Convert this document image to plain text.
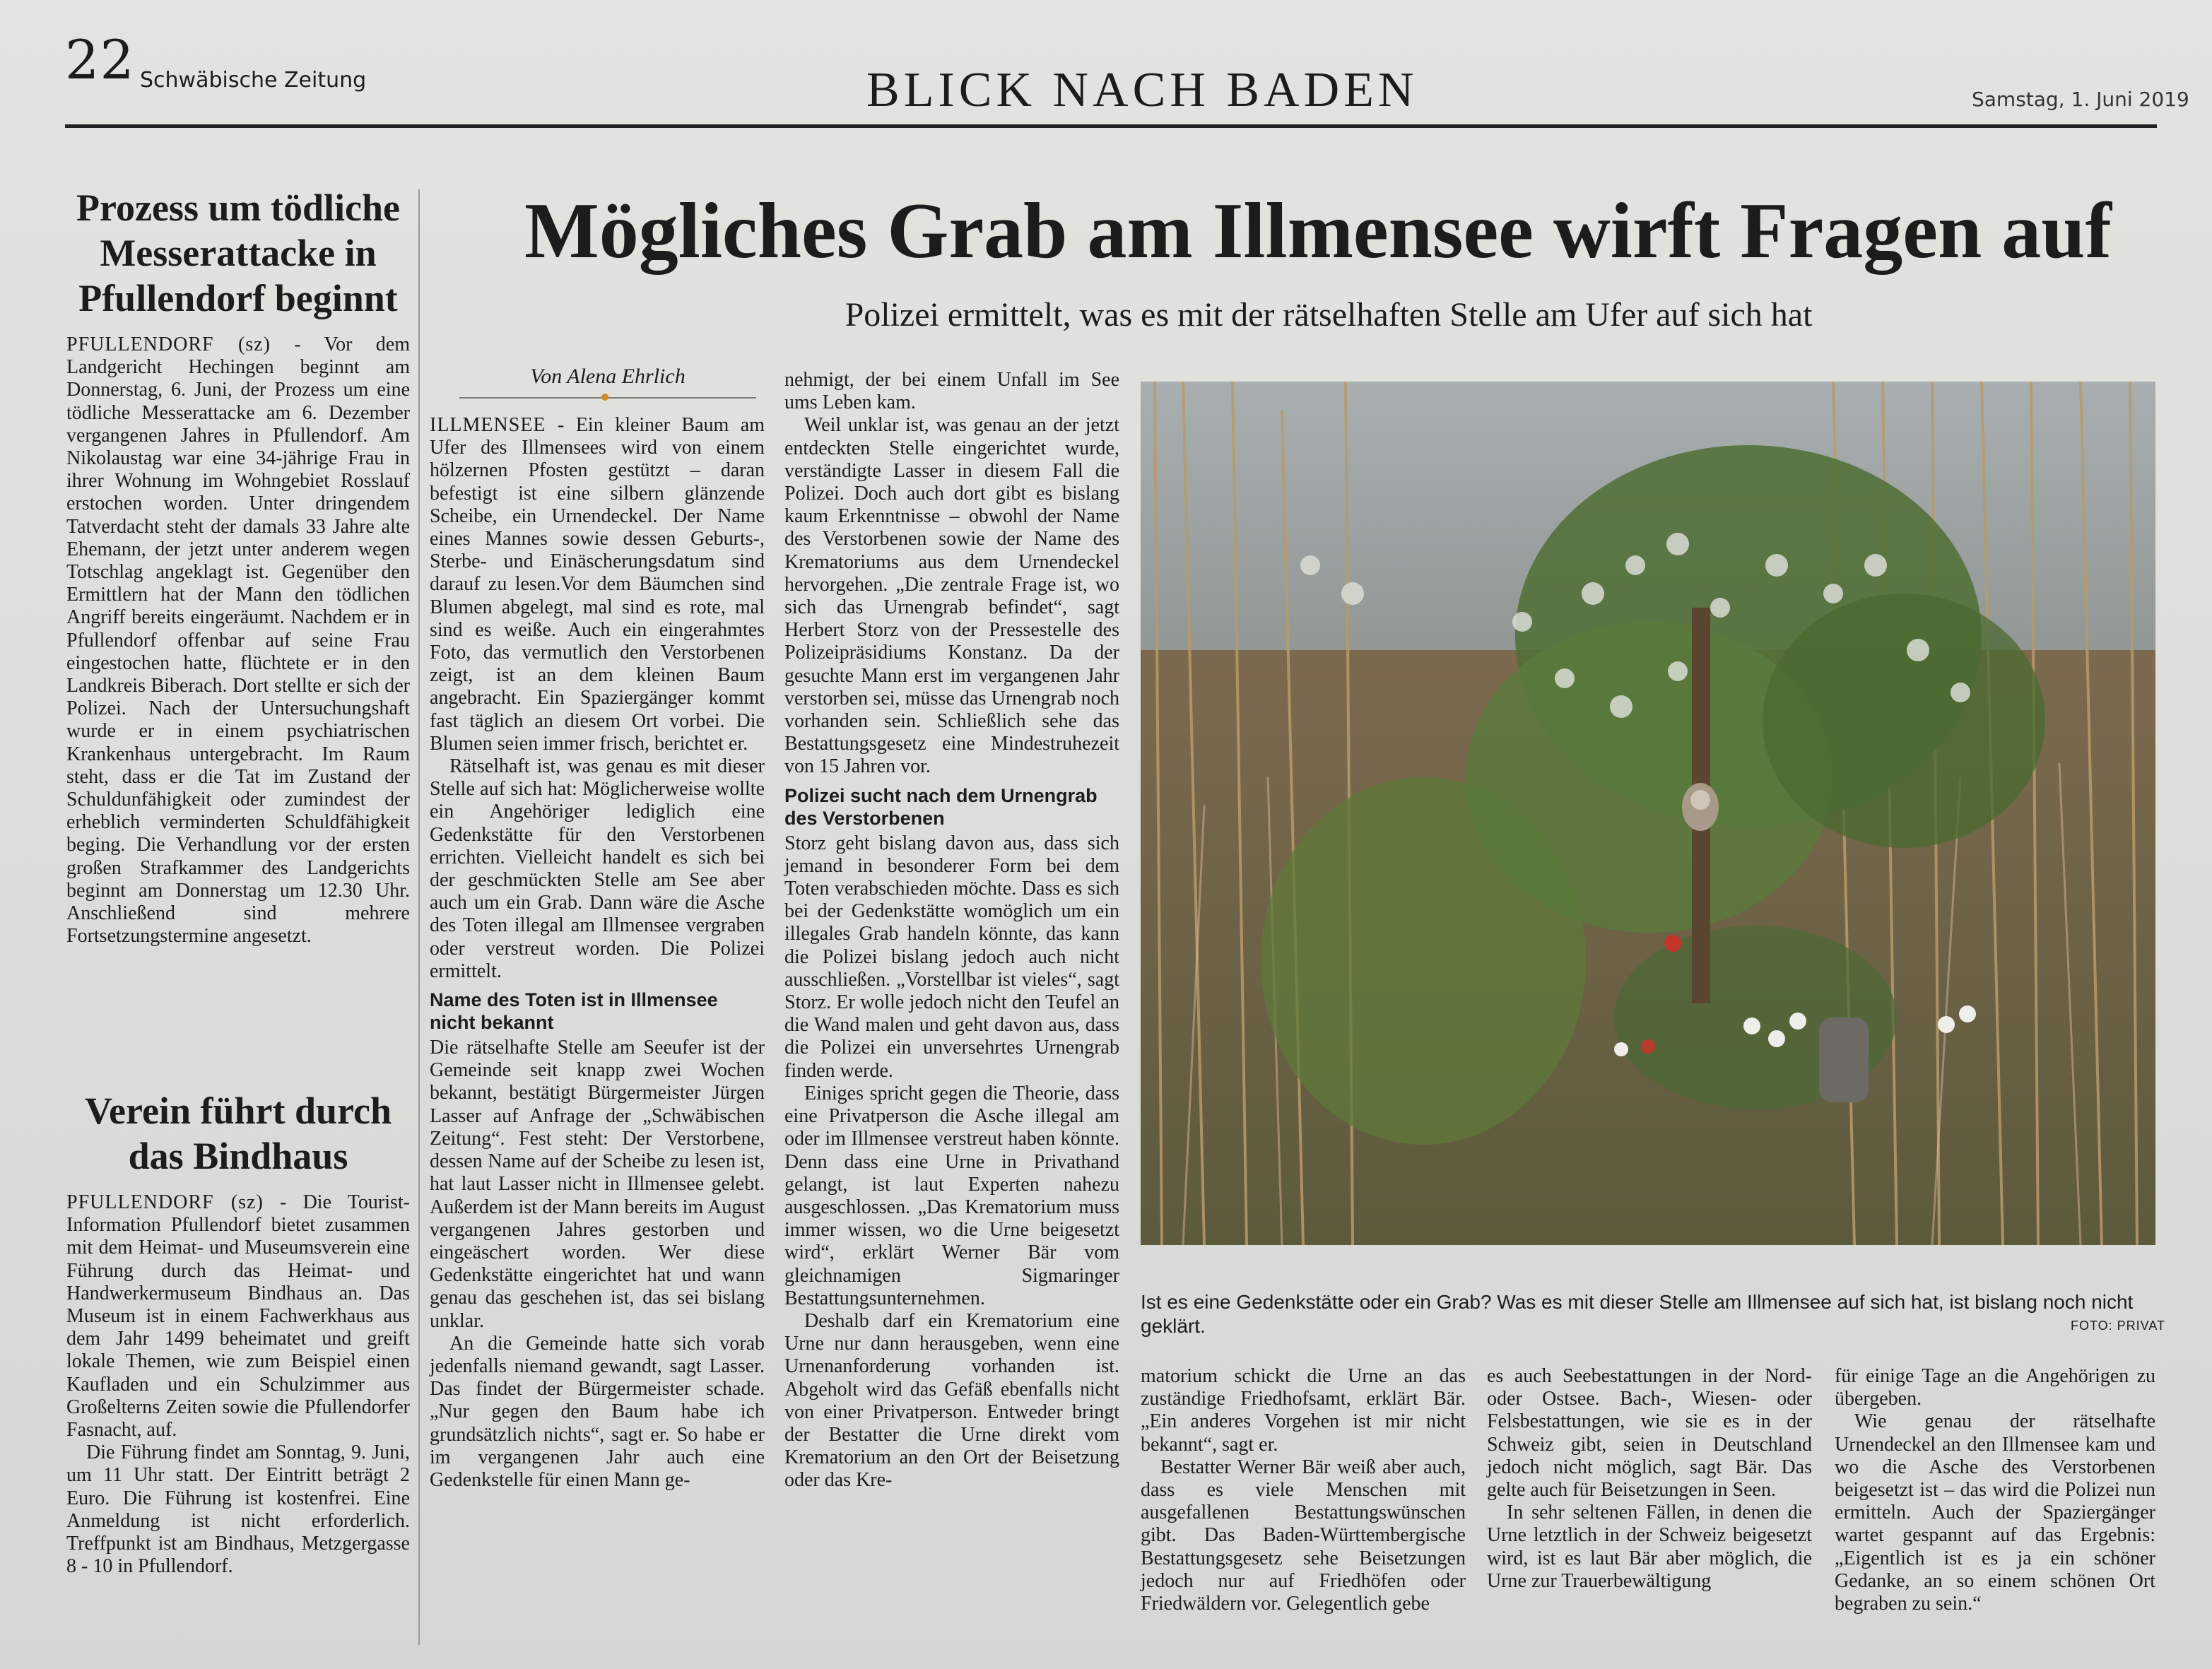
22 Schwäbische Zeitung	BLICK NACH BADEN	Samstag, 1. Juni 2019
Prozess um tödliche Messerattacke in Pfullendorf beginnt
PFULLENDORF (sz) - Vor dem Landgericht Hechingen beginnt am Donnerstag, 6. Juni, der Prozess um eine tödliche Messerattacke am 6. Dezember vergangenen Jahres in Pfullendorf. Am Nikolaustag war eine 34-jährige Frau in ihrer Wohnung im Wohngebiet Rosslauf erstochen worden. Unter dringendem Tatverdacht steht der damals 33 Jahre alte Ehemann, der jetzt unter anderem wegen Totschlag angeklagt ist. Gegenüber den Ermittlern hat der Mann den tödlichen Angriff bereits eingeräumt. Nachdem er in Pfullendorf offenbar auf seine Frau eingestochen hatte, flüchtete er in den Landkreis Biberach. Dort stellte er sich der Polizei. Nach der Untersuchungshaft wurde er in einem psychiatrischen Krankenhaus untergebracht. Im Raum steht, dass er die Tat im Zustand der Schuldunfähigkeit oder zumindest der erheblich verminderten Schuldfähigkeit beging. Die Verhandlung vor der ersten großen Strafkammer des Landgerichts beginnt am Donnerstag um 12.30 Uhr. Anschließend sind mehrere Fortsetzungstermine angesetzt.
Verein führt durch das Bindhaus
PFULLENDORF (sz) - Die Tourist-Information Pfullendorf bietet zusammen mit dem Heimat- und Museumsverein eine Führung durch das Heimat- und Handwerkermuseum Bindhaus an. Das Museum ist in einem Fachwerkhaus aus dem Jahr 1499 beheimatet und greift lokale Themen, wie zum Beispiel einen Kaufladen und ein Schulzimmer aus Großelterns Zeiten sowie die Pfullendorfer Fasnacht, auf.
Die Führung findet am Sonntag, 9. Juni, um 11 Uhr statt. Der Eintritt beträgt 2 Euro. Die Führung ist kostenfrei. Eine Anmeldung ist nicht erforderlich. Treffpunkt ist am Bindhaus, Metzgergasse 8 - 10 in Pfullendorf.
Mögliches Grab am Illmensee wirft Fragen auf
Polizei ermittelt, was es mit der rätselhaften Stelle am Ufer auf sich hat
Von Alena Ehrlich

ILLMENSEE - Ein kleiner Baum am Ufer des Illmensees wird von einem hölzernen Pfosten gestützt – daran befestigt ist eine silbern glänzende Scheibe, ein Urnendeckel. Der Name eines Mannes sowie dessen Geburts-, Sterbe- und Einäscherungsdatum sind darauf zu lesen.Vor dem Bäumchen sind Blumen abgelegt, mal sind es rote, mal sind es weiße. Auch ein eingerahmtes Foto, das vermutlich den Verstorbenen zeigt, ist an dem kleinen Baum angebracht. Ein Spaziergänger kommt fast täglich an diesem Ort vorbei. Die Blumen seien immer frisch, berichtet er.

Rätselhaft ist, was genau es mit dieser Stelle auf sich hat: Möglicherweise wollte ein Angehöriger lediglich eine Gedenkstätte für den Verstorbenen errichten. Vielleicht handelt es sich bei der geschmückten Stelle am See aber auch um ein Grab. Dann wäre die Asche des Toten illegal am Illmensee vergraben oder verstreut worden. Die Polizei ermittelt.

Name des Toten ist in Illmensee nicht bekannt

Die rätselhafte Stelle am Seeufer ist der Gemeinde seit knapp zwei Wochen bekannt, bestätigt Bürgermeister Jürgen Lasser auf Anfrage der „Schwäbischen Zeitung“. Fest steht: Der Verstorbene, dessen Name auf der Scheibe zu lesen ist, hat laut Lasser nicht in Illmensee gelebt. Außerdem ist der Mann bereits im August vergangenen Jahres gestorben und eingeäschert worden. Wer diese Gedenkstätte eingerichtet hat und wann genau das geschehen ist, das sei bislang unklar.

An die Gemeinde hatte sich vorab jedenfalls niemand gewandt, sagt Lasser. Das findet der Bürgermeister schade. „Nur gegen den Baum habe ich grundsätzlich nichts“, sagt er. So habe er im vergangenen Jahr auch eine Gedenkstelle für einen Mann ge-

nehmigt, der bei einem Unfall im See ums Leben kam.

Weil unklar ist, was genau an der jetzt entdeckten Stelle eingerichtet wurde, verständigte Lasser in diesem Fall die Polizei. Doch auch dort gibt es bislang kaum Erkenntnisse – obwohl der Name des Verstorbenen sowie der Name des Krematoriums aus dem Urnendeckel hervorgehen. „Die zentrale Frage ist, wo sich das Urnengrab befindet“, sagt Herbert Storz von der Pressestelle des Polizeipräsidiums Konstanz. Da der gesuchte Mann erst im vergangenen Jahr verstorben sei, müsse das Urnengrab noch vorhanden sein. Schließlich sehe das Bestattungsgesetz eine Mindestruhezeit von 15 Jahren vor.

Polizei sucht nach dem Urnengrab des Verstorbenen

Storz geht bislang davon aus, dass sich jemand in besonderer Form bei dem Toten verabschieden möchte. Dass es sich bei der Gedenkstätte womöglich um ein illegales Grab handeln könnte, das kann die Polizei bislang jedoch auch nicht ausschließen. „Vorstellbar ist vieles“, sagt Storz. Er wolle jedoch nicht den Teufel an die Wand malen und geht davon aus, dass die Polizei ein unversehrtes Urnengrab finden werde.

Einiges spricht gegen die Theorie, dass eine Privatperson die Asche illegal am oder im Illmensee verstreut haben könnte. Denn dass eine Urne in Privathand gelangt, ist laut Experten nahezu ausgeschlossen. „Das Krematorium muss immer wissen, wo die Urne beigesetzt wird“, erklärt Werner Bär vom gleichnamigen Sigmaringer Bestattungsunternehmen.

Deshalb darf ein Krematorium eine Urne nur dann herausgeben, wenn eine Urnenanforderung vorhanden ist. Abgeholt wird das Gefäß ebenfalls nicht von einer Privatperson. Entweder bringt der Bestatter die Urne direkt vom Krematorium an den Ort der Beisetzung oder das Kre-

Ist es eine Gedenkstätte oder ein Grab? Was es mit dieser Stelle am Illmensee auf sich hat, ist bislang noch nicht geklärt.	FOTO: PRIVAT

matorium schickt die Urne an das zuständige Friedhofsamt, erklärt Bär. „Ein anderes Vorgehen ist mir nicht bekannt“, sagt er.

Bestatter Werner Bär weiß aber auch, dass es viele Menschen mit ausgefallenen Bestattungswünschen gibt. Das Baden-Württembergische Bestattungsgesetz sehe Beisetzungen jedoch nur auf Friedhöfen oder Friedwäldern vor. Gelegentlich gebe

es auch Seebestattungen in der Nord- oder Ostsee. Bach-, Wiesen- oder Felsbestattungen, wie sie es in der Schweiz gibt, seien in Deutschland jedoch nicht möglich, sagt Bär. Das gelte auch für Beisetzungen in Seen.

In sehr seltenen Fällen, in denen die Urne letztlich in der Schweiz beigesetzt wird, ist es laut Bär aber möglich, die Urne zur Trauerbewältigung

für einige Tage an die Angehörigen zu übergeben.

Wie genau der rätselhafte Urnendeckel an den Illmensee kam und wo die Asche des Verstorbenen beigesetzt ist – das wird die Polizei nun ermitteln. Auch der Spaziergänger wartet gespannt auf das Ergebnis: „Eigentlich ist es ja ein schöner Gedanke, an so einem schönen Ort begraben zu sein.“
